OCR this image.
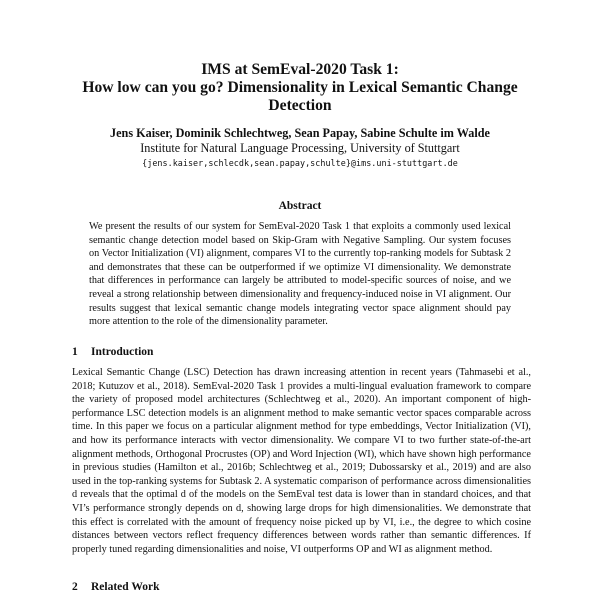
IMS at SemEval-2020 Task 1:
How low can you go? Dimensionality in Lexical Semantic Change
Detection
Jens Kaiser, Dominik Schlechtweg, Sean Papay, Sabine Schulte im Walde
Institute for Natural Language Processing, University of Stuttgart
{jens.kaiser,schlecdk,sean.papay,schulte}@ims.uni-stuttgart.de
Abstract

We present the results of our system for SemEval-2020 Task 1 that exploits a commonly used lexical semantic change detection model based on Skip-Gram with Negative Sampling. Our system focuses on Vector Initialization (VI) alignment, compares VI to the currently top-ranking models for Subtask 2 and demonstrates that these can be outperformed if we optimize VI dimensionality. We demonstrate that differences in performance can largely be attributed to model-specific sources of noise, and we reveal a strong relationship between dimensionality and frequency-induced noise in VI alignment. Our results suggest that lexical semantic change models integrating vector space alignment should pay more attention to the role of the dimensionality parameter.

1 Introduction

Lexical Semantic Change (LSC) Detection has drawn increasing attention in recent years (Tahmasebi et al., 2018; Kutuzov et al., 2018). SemEval-2020 Task 1 provides a multi-lingual evaluation framework to compare the variety of proposed model architectures (Schlechtweg et al., 2020). An important component of high-performance LSC detection models is an alignment method to make semantic vector spaces comparable across time. In this paper we focus on a particular alignment method for type embeddings, Vector Initialization (VI), and how its performance interacts with vector dimensionality. We compare VI to two further state-of-the-art alignment methods, Orthogonal Procrustes (OP) and Word Injection (WI), which have shown high performance in previous studies (Hamilton et al., 2016b; Schlechtweg et al., 2019; Dubossarsky et al., 2019) and are also used in the top-ranking systems for Subtask 2. A systematic comparison of performance across dimensionalities d reveals that the optimal d of the models on the SemEval test data is lower than in standard choices, and that VI’s performance strongly depends on d, showing large drops for high dimensionalities. We demonstrate that this effect is correlated with the amount of frequency noise picked up by VI, i.e., the degree to which cosine distances between vectors reflect frequency differences between words rather than semantic differences. If properly tuned regarding dimensionalities and noise, VI outperforms OP and WI as alignment method.

2 Related Work
